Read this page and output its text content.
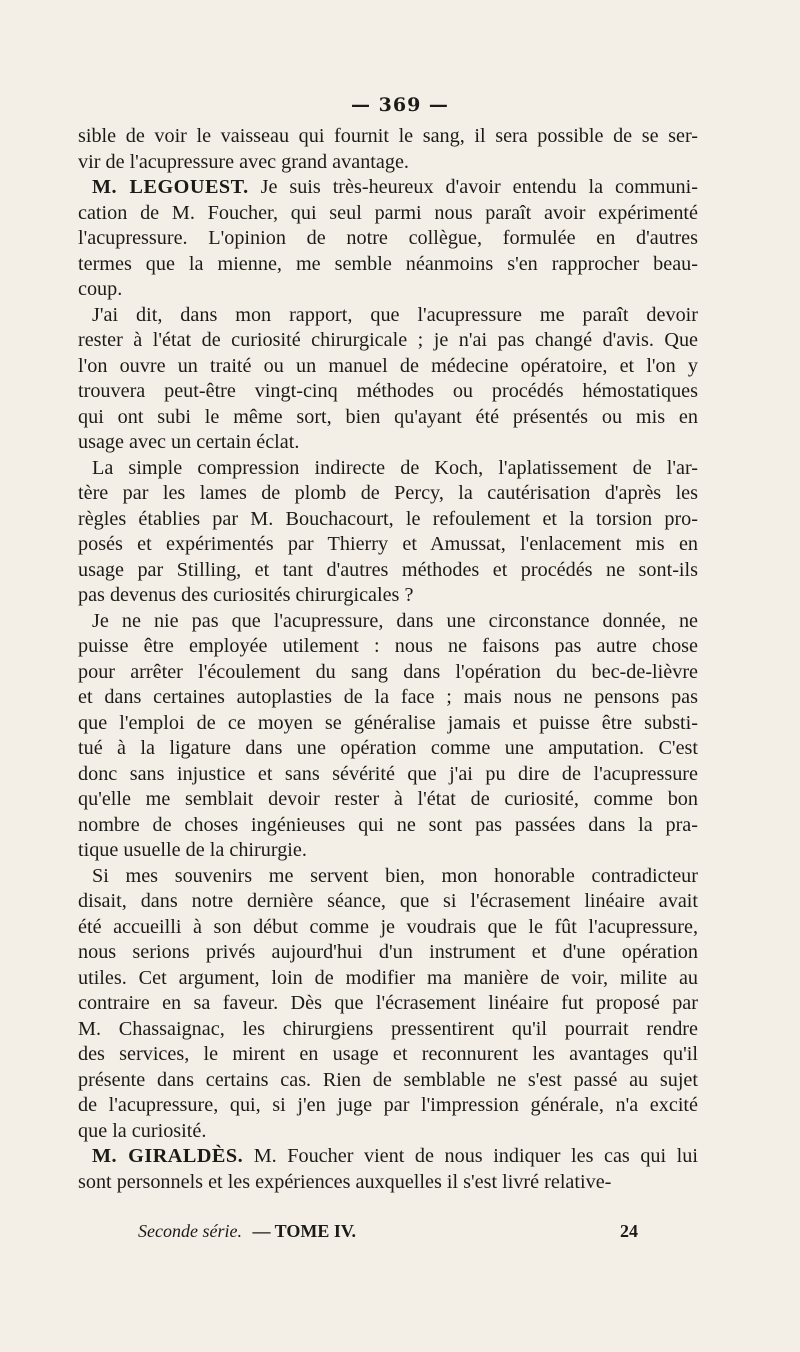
— 369 —
sible de voir le vaisseau qui fournit le sang, il sera possible de se ser-
vir de l'acupressure avec grand avantage.
M. LEGOUEST. Je suis très-heureux d'avoir entendu la communi-
cation de M. Foucher, qui seul parmi nous paraît avoir expérimenté
l'acupressure. L'opinion de notre collègue, formulée en d'autres
termes que la mienne, me semble néanmoins s'en rapprocher beau-
coup.
J'ai dit, dans mon rapport, que l'acupressure me paraît devoir
rester à l'état de curiosité chirurgicale ; je n'ai pas changé d'avis. Que
l'on ouvre un traité ou un manuel de médecine opératoire, et l'on y
trouvera peut-être vingt-cinq méthodes ou procédés hémostatiques
qui ont subi le même sort, bien qu'ayant été présentés ou mis en
usage avec un certain éclat.
La simple compression indirecte de Koch, l'aplatissement de l'ar-
tère par les lames de plomb de Percy, la cautérisation d'après les
règles établies par M. Bouchacourt, le refoulement et la torsion pro-
posés et expérimentés par Thierry et Amussat, l'enlacement mis en
usage par Stilling, et tant d'autres méthodes et procédés ne sont-ils
pas devenus des curiosités chirurgicales ?
Je ne nie pas que l'acupressure, dans une circonstance donnée, ne
puisse être employée utilement : nous ne faisons pas autre chose
pour arrêter l'écoulement du sang dans l'opération du bec-de-lièvre
et dans certaines autoplasties de la face ; mais nous ne pensons pas
que l'emploi de ce moyen se généralise jamais et puisse être substi-
tué à la ligature dans une opération comme une amputation. C'est
donc sans injustice et sans sévérité que j'ai pu dire de l'acupressure
qu'elle me semblait devoir rester à l'état de curiosité, comme bon
nombre de choses ingénieuses qui ne sont pas passées dans la pra-
tique usuelle de la chirurgie.
Si mes souvenirs me servent bien, mon honorable contradicteur
disait, dans notre dernière séance, que si l'écrasement linéaire avait
été accueilli à son début comme je voudrais que le fût l'acupressure,
nous serions privés aujourd'hui d'un instrument et d'une opération
utiles. Cet argument, loin de modifier ma manière de voir, milite au
contraire en sa faveur. Dès que l'écrasement linéaire fut proposé par
M. Chassaignac, les chirurgiens pressentirent qu'il pourrait rendre
des services, le mirent en usage et reconnurent les avantages qu'il
présente dans certains cas. Rien de semblable ne s'est passé au sujet
de l'acupressure, qui, si j'en juge par l'impression générale, n'a excité
que la curiosité.
M. GIRALDÈS. M. Foucher vient de nous indiquer les cas qui lui
sont personnels et les expériences auxquelles il s'est livré relative-
Seconde série. — TOME IV.	24
